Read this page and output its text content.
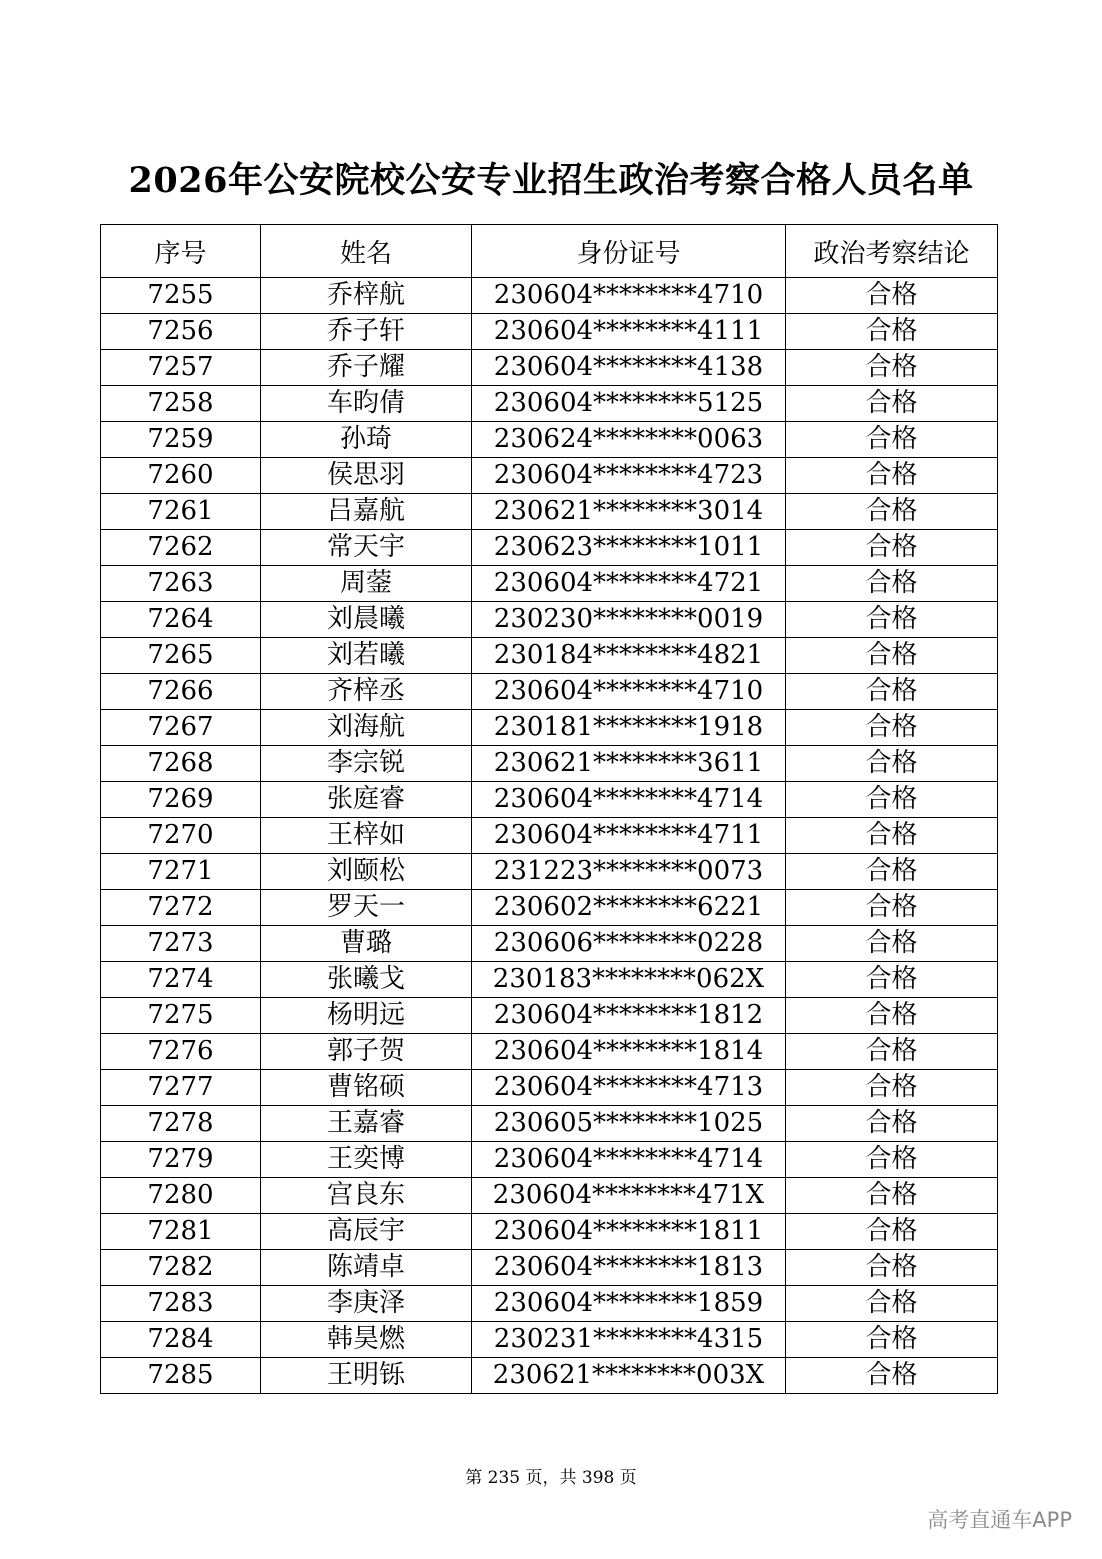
2026年公安院校公安专业招生政治考察合格人员名单
序号	姓名	身份证号	政治考察结论
7255	乔梓航	230604********4710	合格
7256	乔子轩	230604********4111	合格
7257	乔子耀	230604********4138	合格
7258	车昀倩	230604********5125	合格
7259	孙琦	230624********0063	合格
7260	侯思羽	230604********4723	合格
7261	吕嘉航	230621********3014	合格
7262	常天宇	230623********1011	合格
7263	周蓥	230604********4721	合格
7264	刘晨曦	230230********0019	合格
7265	刘若曦	230184********4821	合格
7266	齐梓丞	230604********4710	合格
7267	刘海航	230181********1918	合格
7268	李宗锐	230621********3611	合格
7269	张庭睿	230604********4714	合格
7270	王梓如	230604********4711	合格
7271	刘颐松	231223********0073	合格
7272	罗天一	230602********6221	合格
7273	曹璐	230606********0228	合格
7274	张曦戈	230183********062X	合格
7275	杨明远	230604********1812	合格
7276	郭子贺	230604********1814	合格
7277	曹铭硕	230604********4713	合格
7278	王嘉睿	230605********1025	合格
7279	王奕博	230604********4714	合格
7280	宫良东	230604********471X	合格
7281	高辰宇	230604********1811	合格
7282	陈靖卓	230604********1813	合格
7283	李庚泽	230604********1859	合格
7284	韩昊燃	230231********4315	合格
7285	王明铄	230621********003X	合格
第 235 页，共 398 页
高考直通车APP
